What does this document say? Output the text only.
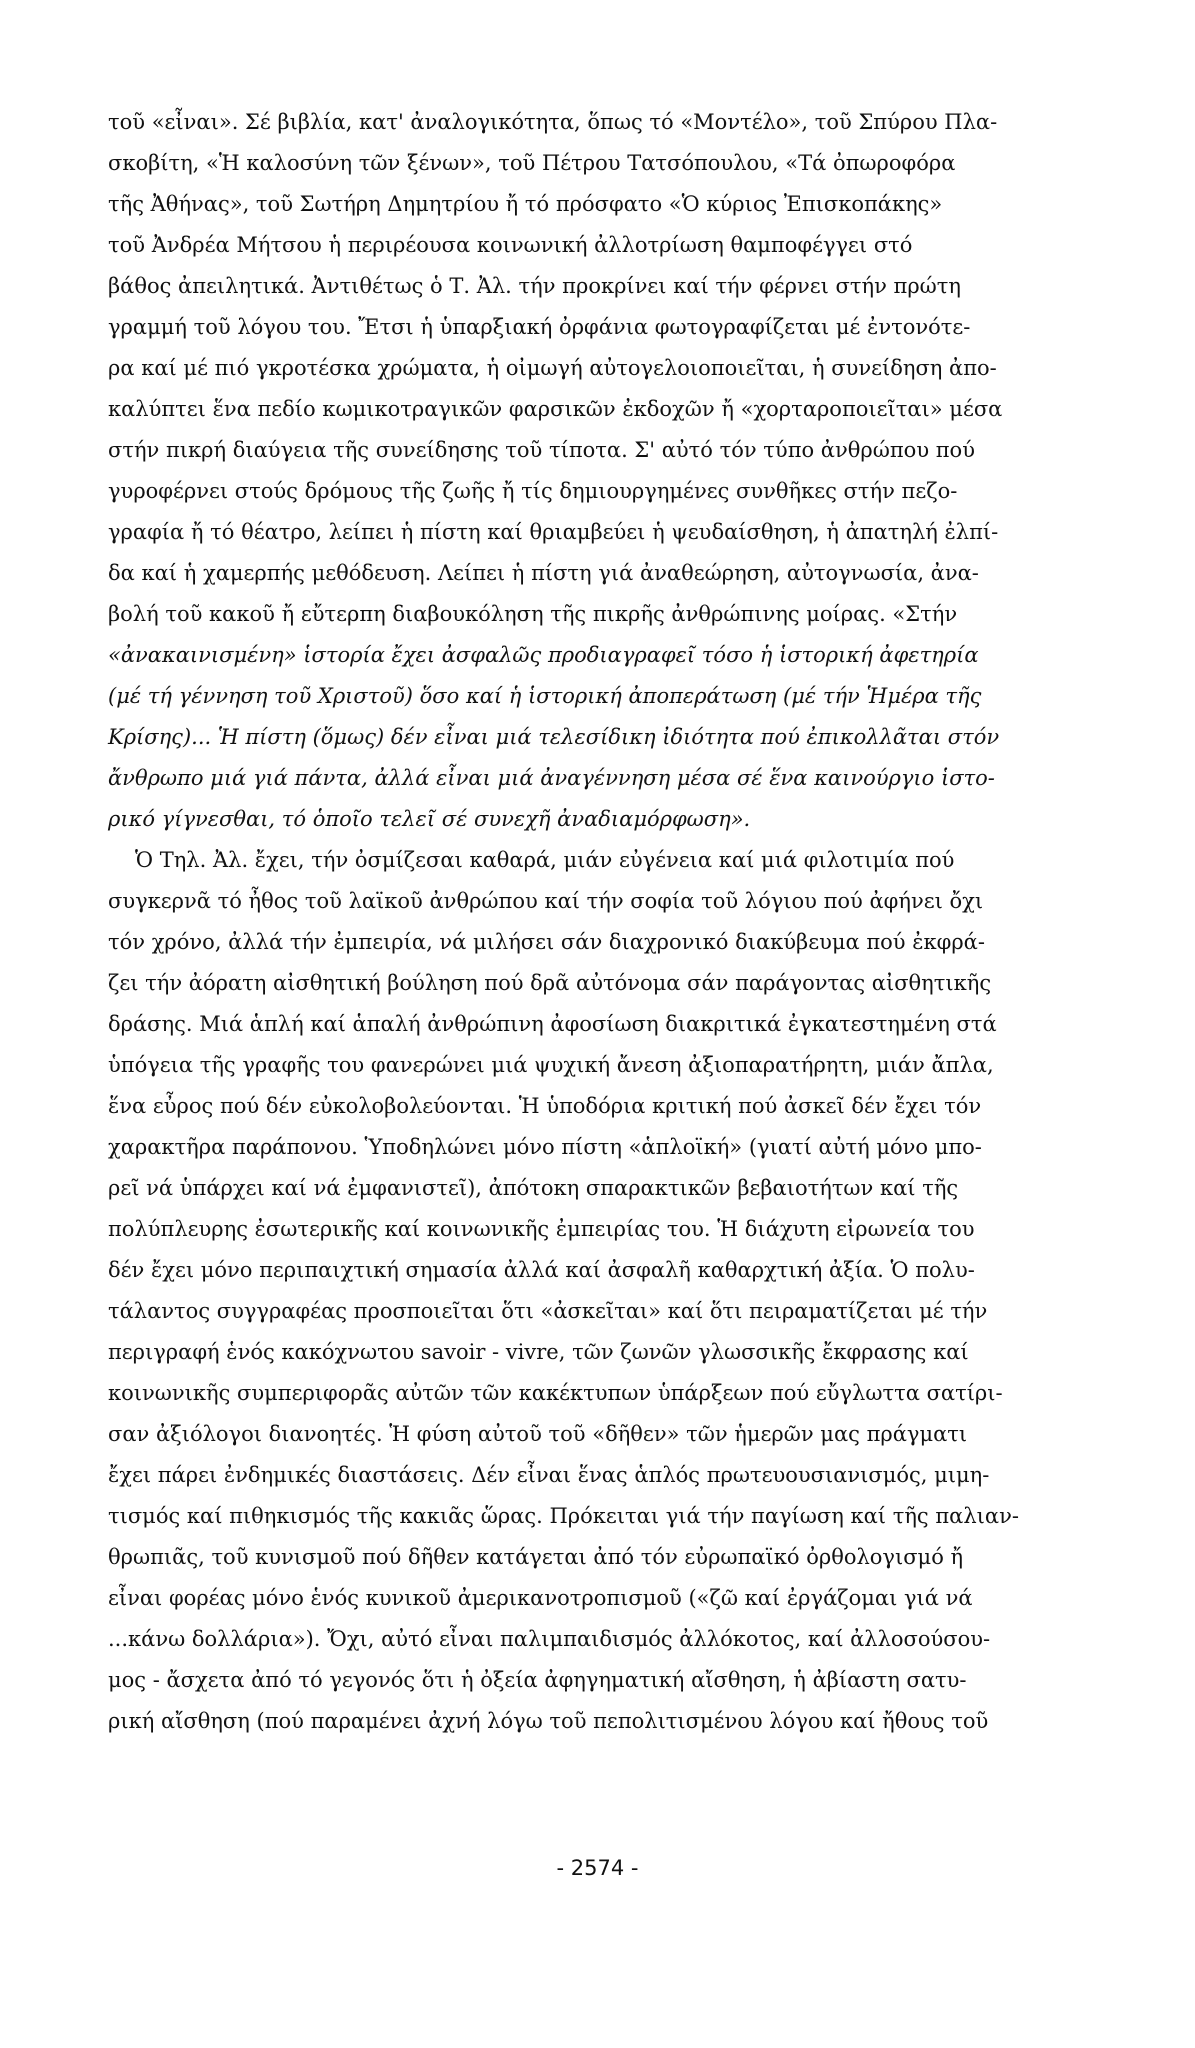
τοῦ «εἶναι». Σέ βιβλία, κατ' ἀναλογικότητα, ὅπως τό «Μοντέλο», τοῦ Σπύρου Πλα-
σκοβίτη, «Ἡ καλοσύνη τῶν ξένων», τοῦ Πέτρου Τατσόπουλου, «Τά ὀπωροφόρα
τῆς Ἀθήνας», τοῦ Σωτήρη Δημητρίου ἤ τό πρόσφατο «Ὁ κύριος Ἐπισκοπάκης»
τοῦ Ἀνδρέα Μήτσου ἡ περιρέουσα κοινωνική ἀλλοτρίωση θαμποφέγγει στό
βάθος ἀπειλητικά. Ἀντιθέτως ὁ Τ. Ἀλ. τήν προκρίνει καί τήν φέρνει στήν πρώτη
γραμμή τοῦ λόγου του. Ἔτσι ἡ ὑπαρξιακή ὀρφάνια φωτογραφίζεται μέ ἐντονότε-
ρα καί μέ πιό γκροτέσκα χρώματα, ἡ οἰμωγή αὐτογελοιοποιεῖται, ἡ συνείδηση ἀπο-
καλύπτει ἕνα πεδίο κωμικοτραγικῶν φαρσικῶν ἐκδοχῶν ἤ «χορταροποιεῖται» μέσα
στήν πικρή διαύγεια τῆς συνείδησης τοῦ τίποτα. Σ' αὐτό τόν τύπο ἀνθρώπου πού
γυροφέρνει στούς δρόμους τῆς ζωῆς ἤ τίς δημιουργημένες συνθῆκες στήν πεζο-
γραφία ἤ τό θέατρο, λείπει ἡ πίστη καί θριαμβεύει ἡ ψευδαίσθηση, ἡ ἀπατηλή ἐλπί-
δα καί ἡ χαμερπής μεθόδευση. Λείπει ἡ πίστη γιά ἀναθεώρηση, αὐτογνωσία, ἀνα-
βολή τοῦ κακοῦ ἤ εὔτερπη διαβουκόληση τῆς πικρῆς ἀνθρώπινης μοίρας. «Στήν
«ἀνακαινισμένη» ἱστορία ἔχει ἀσφαλῶς προδιαγραφεῖ τόσο ἡ ἱστορική ἀφετηρία
(μέ τή γέννηση τοῦ Χριστοῦ) ὅσο καί ἡ ἱστορική ἀποπεράτωση (μέ τήν Ἡμέρα τῆς
Κρίσης)... Ἡ πίστη (ὅμως) δέν εἶναι μιά τελεσίδικη ἰδιότητα πού ἐπικολλᾶται στόν
ἄνθρωπο μιά γιά πάντα, ἀλλά εἶναι μιά ἀναγέννηση μέσα σέ ἕνα καινούργιο ἱστο-
ρικό γίγνεσθαι, τό ὁποῖο τελεῖ σέ συνεχῆ ἀναδιαμόρφωση».
Ὁ Τηλ. Ἀλ. ἔχει, τήν ὀσμίζεσαι καθαρά, μιάν εὐγένεια καί μιά φιλοτιμία πού
συγκερνᾶ τό ἦθος τοῦ λαϊκοῦ ἀνθρώπου καί τήν σοφία τοῦ λόγιου πού ἀφήνει ὄχι
τόν χρόνο, ἀλλά τήν ἐμπειρία, νά μιλήσει σάν διαχρονικό διακύβευμα πού ἐκφρά-
ζει τήν ἀόρατη αἰσθητική βούληση πού δρᾶ αὐτόνομα σάν παράγοντας αἰσθητικῆς
δράσης. Μιά ἁπλή καί ἁπαλή ἀνθρώπινη ἀφοσίωση διακριτικά ἐγκατεστημένη στά
ὑπόγεια τῆς γραφῆς του φανερώνει μιά ψυχική ἄνεση ἀξιοπαρατήρητη, μιάν ἄπλα,
ἕνα εὖρος πού δέν εὐκολοβολεύονται. Ἡ ὑποδόρια κριτική πού ἀσκεῖ δέν ἔχει τόν
χαρακτῆρα παράπονου. Ὑποδηλώνει μόνο πίστη «ἁπλοϊκή» (γιατί αὐτή μόνο μπο-
ρεῖ νά ὑπάρχει καί νά ἐμφανιστεῖ), ἀπότοκη σπαρακτικῶν βεβαιοτήτων καί τῆς
πολύπλευρης ἐσωτερικῆς καί κοινωνικῆς ἐμπειρίας του. Ἡ διάχυτη εἰρωνεία του
δέν ἔχει μόνο περιπαιχτική σημασία ἀλλά καί ἀσφαλῆ καθαρχτική ἀξία. Ὁ πολυ-
τάλαντος συγγραφέας προσποιεῖται ὅτι «ἀσκεῖται» καί ὅτι πειραματίζεται μέ τήν
περιγραφή ἑνός κακόχνωτου savoir - vivre, τῶν ζωνῶν γλωσσικῆς ἔκφρασης καί
κοινωνικῆς συμπεριφορᾶς αὐτῶν τῶν κακέκτυπων ὑπάρξεων πού εὔγλωττα σατίρι-
σαν ἀξιόλογοι διανοητές. Ἡ φύση αὐτοῦ τοῦ «δῆθεν» τῶν ἡμερῶν μας πράγματι
ἔχει πάρει ἐνδημικές διαστάσεις. Δέν εἶναι ἕνας ἁπλός πρωτευουσιανισμός, μιμη-
τισμός καί πιθηκισμός τῆς κακιᾶς ὥρας. Πρόκειται γιά τήν παγίωση καί τῆς παλιαν-
θρωπιᾶς, τοῦ κυνισμοῦ πού δῆθεν κατάγεται ἀπό τόν εὐρωπαϊκό ὀρθολογισμό ἤ
εἶναι φορέας μόνο ἑνός κυνικοῦ ἀμερικανοτροπισμοῦ («ζῶ καί ἐργάζομαι γιά νά
...κάνω δολλάρια»). Ὄχι, αὐτό εἶναι παλιμπαιδισμός ἀλλόκοτος, καί ἀλλοσούσου-
μος - ἄσχετα ἀπό τό γεγονός ὅτι ἡ ὀξεία ἀφηγηματική αἴσθηση, ἡ ἀβίαστη σατυ-
ρική αἴσθηση (πού παραμένει ἀχνή λόγω τοῦ πεπολιτισμένου λόγου καί ἤθους τοῦ
- 2574 -
